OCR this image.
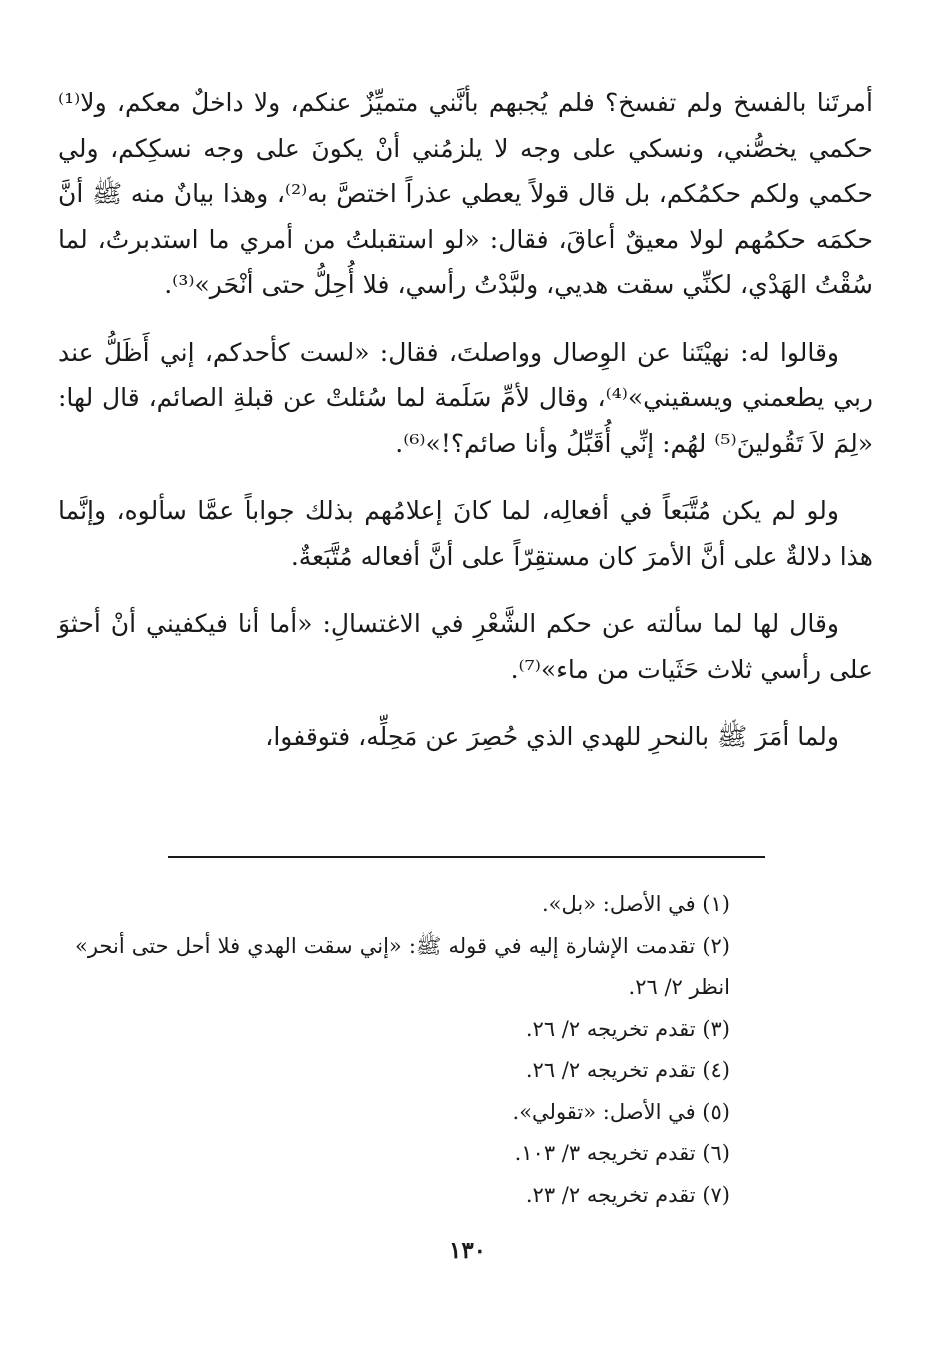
أمرتَنا بالفسخ ولم تفسخ؟ فلم يُجبهم بأنَّني متميِّزٌ عنكم، ولا داخلٌ معكم، ولا⁽¹⁾ حكمي يخصُّني، ونسكي على وجه لا يلزمُني أنْ يكونَ على وجه نسكِكم، ولي حكمي ولكم حكمُكم، بل قال قولاً يعطي عذراً اختصَّ به⁽²⁾، وهذا بيانٌ منه ﷺ أنَّ حكمَه حكمُهم لولا معيقٌ أعاقَ، فقال: «لو استقبلتُ من أمري ما استدبرتُ، لما سُقْتُ الهَدْي، لكنِّي سقت هديي، ولبَّدْتُ رأسي، فلا أُحِلُّ حتى أنْحَر»⁽³⁾.

وقالوا له: نهيْتَنا عن الوِصال وواصلتَ، فقال: «لست كأحدكم، إني أَظَلُّ عند ربي يطعمني ويسقيني»⁽⁴⁾، وقال لأمِّ سَلَمة لما سُئلتْ عن قبلةِ الصائم، قال لها: «لِمَ لاَ تَقُولينَ⁽⁵⁾ لهُم: إنِّي أُقَبِّلُ وأنا صائم؟!»⁽⁶⁾.

ولو لم يكن مُتَّبَعاً في أفعالِه، لما كانَ إعلامُهم بذلك جواباً عمَّا سألوه، وإنَّما هذا دلالةٌ على أنَّ الأمرَ كان مستقِرّاً على أنَّ أفعاله مُتَّبَعةٌ.

وقال لها لما سألته عن حكم الشَّعْرِ في الاغتسالِ: «أما أنا فيكفيني أنْ أحثوَ على رأسي ثلاث حَثَيات من ماء»⁽⁷⁾.

ولما أمَرَ ﷺ بالنحرِ للهدي الذي حُصِرَ عن مَحِلِّه، فتوقفوا،

(١) في الأصل: «بل».

(٢) تقدمت الإشارة إليه في قوله ﷺ: «إني سقت الهدي فلا أحل حتى أنحر» انظر ٢/ ٢٦.

(٣) تقدم تخريجه ٢/ ٢٦.

(٤) تقدم تخريجه ٢/ ٢٦.

(٥) في الأصل: «تقولي».

(٦) تقدم تخريجه ٣/ ١٠٣.

(٧) تقدم تخريجه ٢/ ٢٣.

١٣٠
